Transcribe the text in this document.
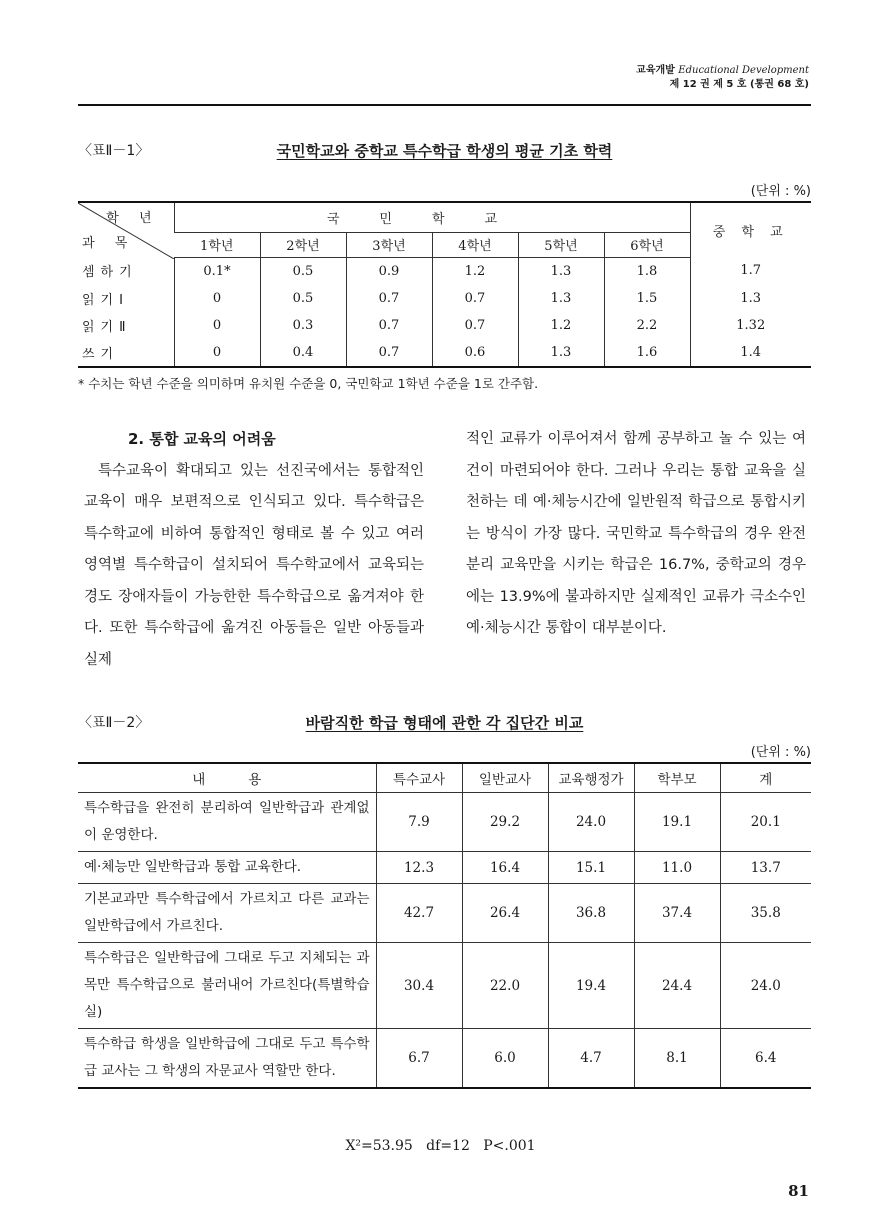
교육개발 Educational Development
제 12 권 제 5 호 (통권 68 호)
〈표Ⅱ－1〉	국민학교와 중학교 특수학급 학생의 평균 기초 학력
(단위 : %)
학 년
과 목	국민학교						중 학 교
	1학년	2학년	3학년	4학년	5학년	6학년	
셈하기	0.1*	0.5	0.9	1.2	1.3	1.8	1.7
읽기Ⅰ	0	0.5	0.7	0.7	1.3	1.5	1.3
읽기Ⅱ	0	0.3	0.7	0.7	1.2	2.2	1.32
쓰기	0	0.4	0.7	0.6	1.3	1.6	1.4
* 수치는 학년 수준을 의미하며 유치원 수준을 0, 국민학교 1학년 수준을 1로 간주함.
2. 통합 교육의 어려움

특수교육이 확대되고 있는 선진국에서는 통합적인 교육이 매우 보편적으로 인식되고 있다. 특수학급은 특수학교에 비하여 통합적인 형태로 볼 수 있고 여러 영역별 특수학급이 설치되어 특수학교에서 교육되는 경도 장애자들이 가능한한 특수학급으로 옮겨져야 한다. 또한 특수학급에 옮겨진 아동들은 일반 아동들과 실제

적인 교류가 이루어져서 함께 공부하고 놀 수 있는 여건이 마련되어야 한다. 그러나 우리는 통합 교육을 실천하는 데 예·체능시간에 일반원적 학급으로 통합시키는 방식이 가장 많다. 국민학교 특수학급의 경우 완전 분리 교육만을 시키는 학급은 16.7%, 중학교의 경우에는 13.9%에 불과하지만 실제적인 교류가 극소수인 예·체능시간 통합이 대부분이다.

〈표Ⅱ－2〉	바람직한 학급 형태에 관한 각 집단간 비교
(단위 : %)
내          용	특수교사	일반교사	교육행정가	학부모	계
특수학급을 완전히 분리하여 일반학급과 관계없이 운영한다.	7.9	29.2	24.0	19.1	20.1
예·체능만 일반학급과 통합 교육한다.	12.3	16.4	15.1	11.0	13.7
기본교과만 특수학급에서 가르치고 다른 교과는 일반학급에서 가르친다.	42.7	26.4	36.8	37.4	35.8
특수학급은 일반학급에 그대로 두고 지체되는 과목만 특수학급으로 불러내어 가르친다(특별학습실)	30.4	22.0	19.4	24.4	24.0
특수학급 학생을 일반학급에 그대로 두고 특수학급 교사는 그 학생의 자문교사 역할만 한다.	6.7	6.0	4.7	8.1	6.4
X²=53.95   df=12   P<.001
81
